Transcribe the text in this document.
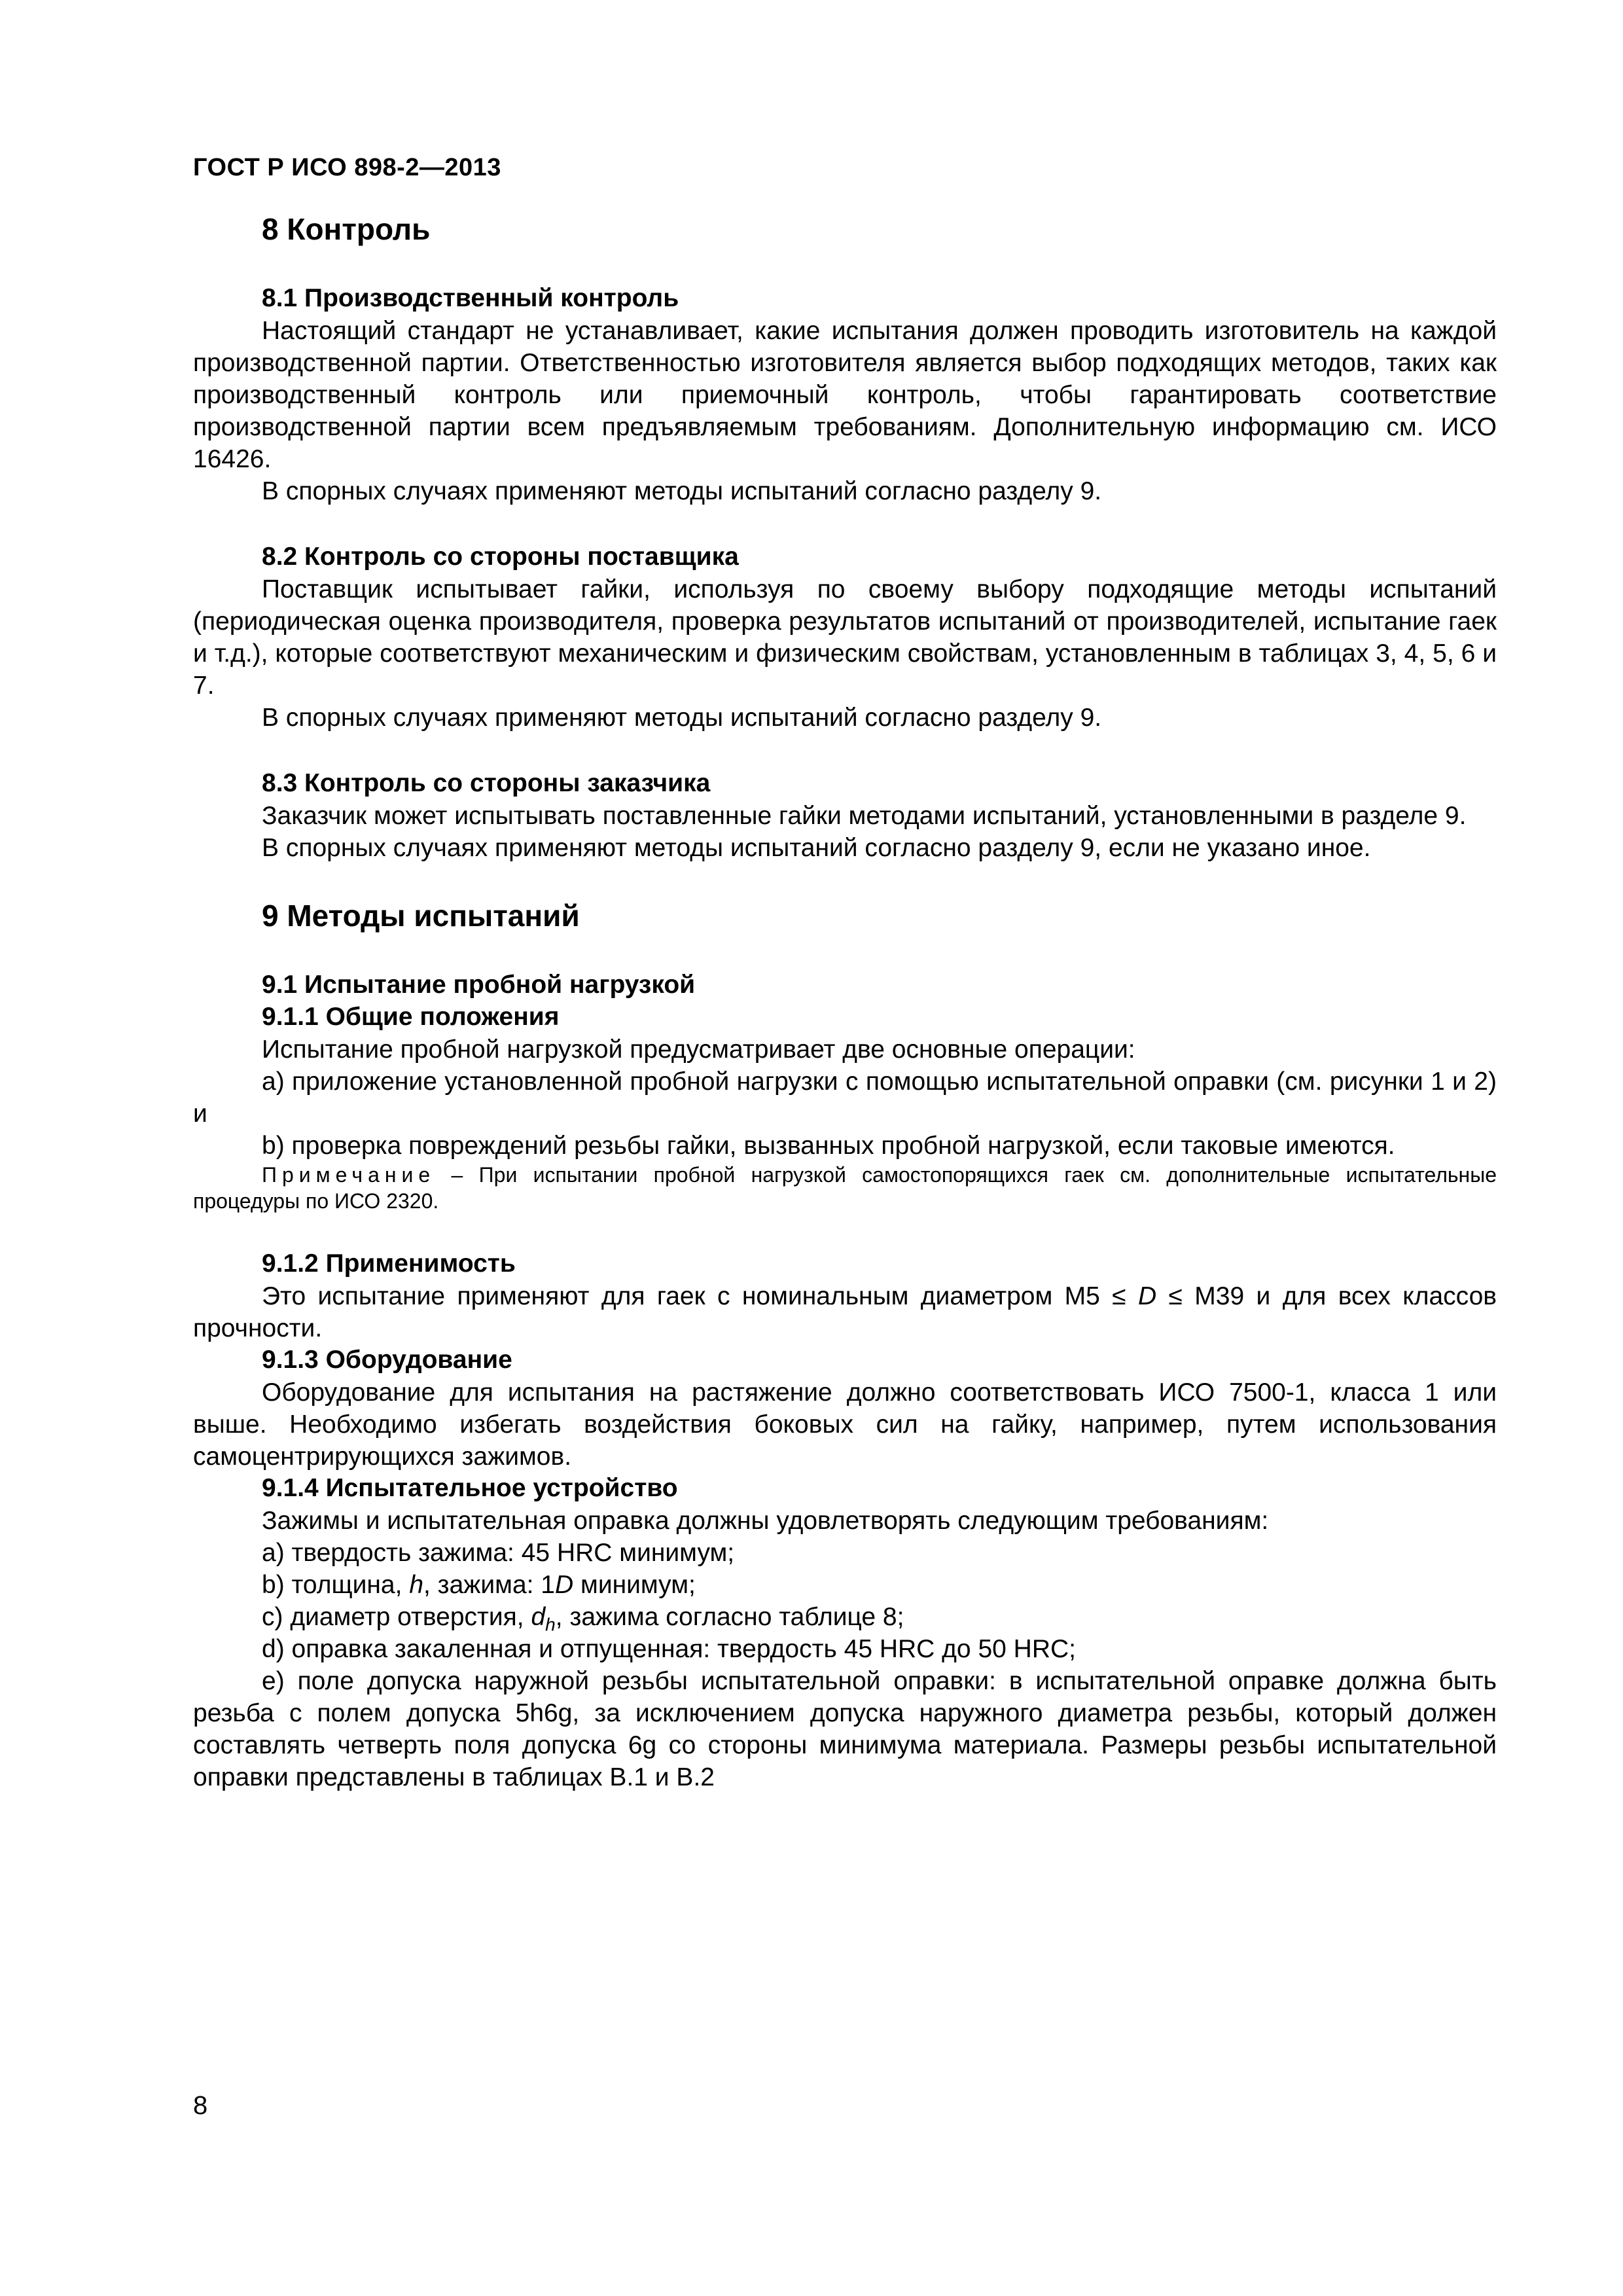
ГОСТ Р ИСО 898-2—2013
8 Контроль
8.1 Производственный контроль

Настоящий стандарт не устанавливает, какие испытания должен проводить изготовитель на каждой производственной партии. Ответственностью изготовителя является выбор подходящих методов, таких как производственный контроль или приемочный контроль, чтобы гарантировать соответствие производственной партии всем предъявляемым требованиям. Дополнительную информацию см. ИСО 16426.

В спорных случаях применяют методы испытаний согласно разделу 9.

8.2 Контроль со стороны поставщика

Поставщик испытывает гайки, используя по своему выбору подходящие методы испытаний (периодическая оценка производителя, проверка результатов испытаний от производителей, испытание гаек и т.д.), которые соответствуют механическим и физическим свойствам, установленным в таблицах 3, 4, 5, 6 и 7.

В спорных случаях применяют методы испытаний согласно разделу 9.

8.3 Контроль со стороны заказчика

Заказчик может испытывать поставленные гайки методами испытаний, установленными в разделе 9.

В спорных случаях применяют методы испытаний согласно разделу 9, если не указано иное.

9 Методы испытаний
9.1 Испытание пробной нагрузкой
9.1.1 Общие положения

Испытание пробной нагрузкой предусматривает две основные операции:

a) приложение установленной пробной нагрузки с помощью испытательной оправки (см. рисунки 1 и 2) и

b) проверка повреждений резьбы гайки, вызванных пробной нагрузкой, если таковые имеются.

Примечание – При испытании пробной нагрузкой самостопорящихся гаек см. дополнительные испытательные процедуры по ИСО 2320.

9.1.2 Применимость

Это испытание применяют для гаек с номинальным диаметром М5 ≤ D ≤ М39 и для всех классов прочности.

9.1.3 Оборудование

Оборудование для испытания на растяжение должно соответствовать ИСО 7500-1, класса 1 или выше. Необходимо избегать воздействия боковых сил на гайку, например, путем использования самоцентрирующихся зажимов.

9.1.4 Испытательное устройство

Зажимы и испытательная оправка должны удовлетворять следующим требованиям:

a) твердость зажима: 45 HRC минимум;

b) толщина, h, зажима: 1D минимум;

c) диаметр отверстия, $d_h$, зажима согласно таблице 8;

d) оправка закаленная и отпущенная: твердость 45 HRC до 50 HRC;

e) поле допуска наружной резьбы испытательной оправки: в испытательной оправке должна быть резьба с полем допуска 5h6g, за исключением допуска наружного диаметра резьбы, который должен составлять четверть поля допуска 6g со стороны минимума материала. Размеры резьбы испытательной оправки представлены в таблицах В.1 и В.2

8
